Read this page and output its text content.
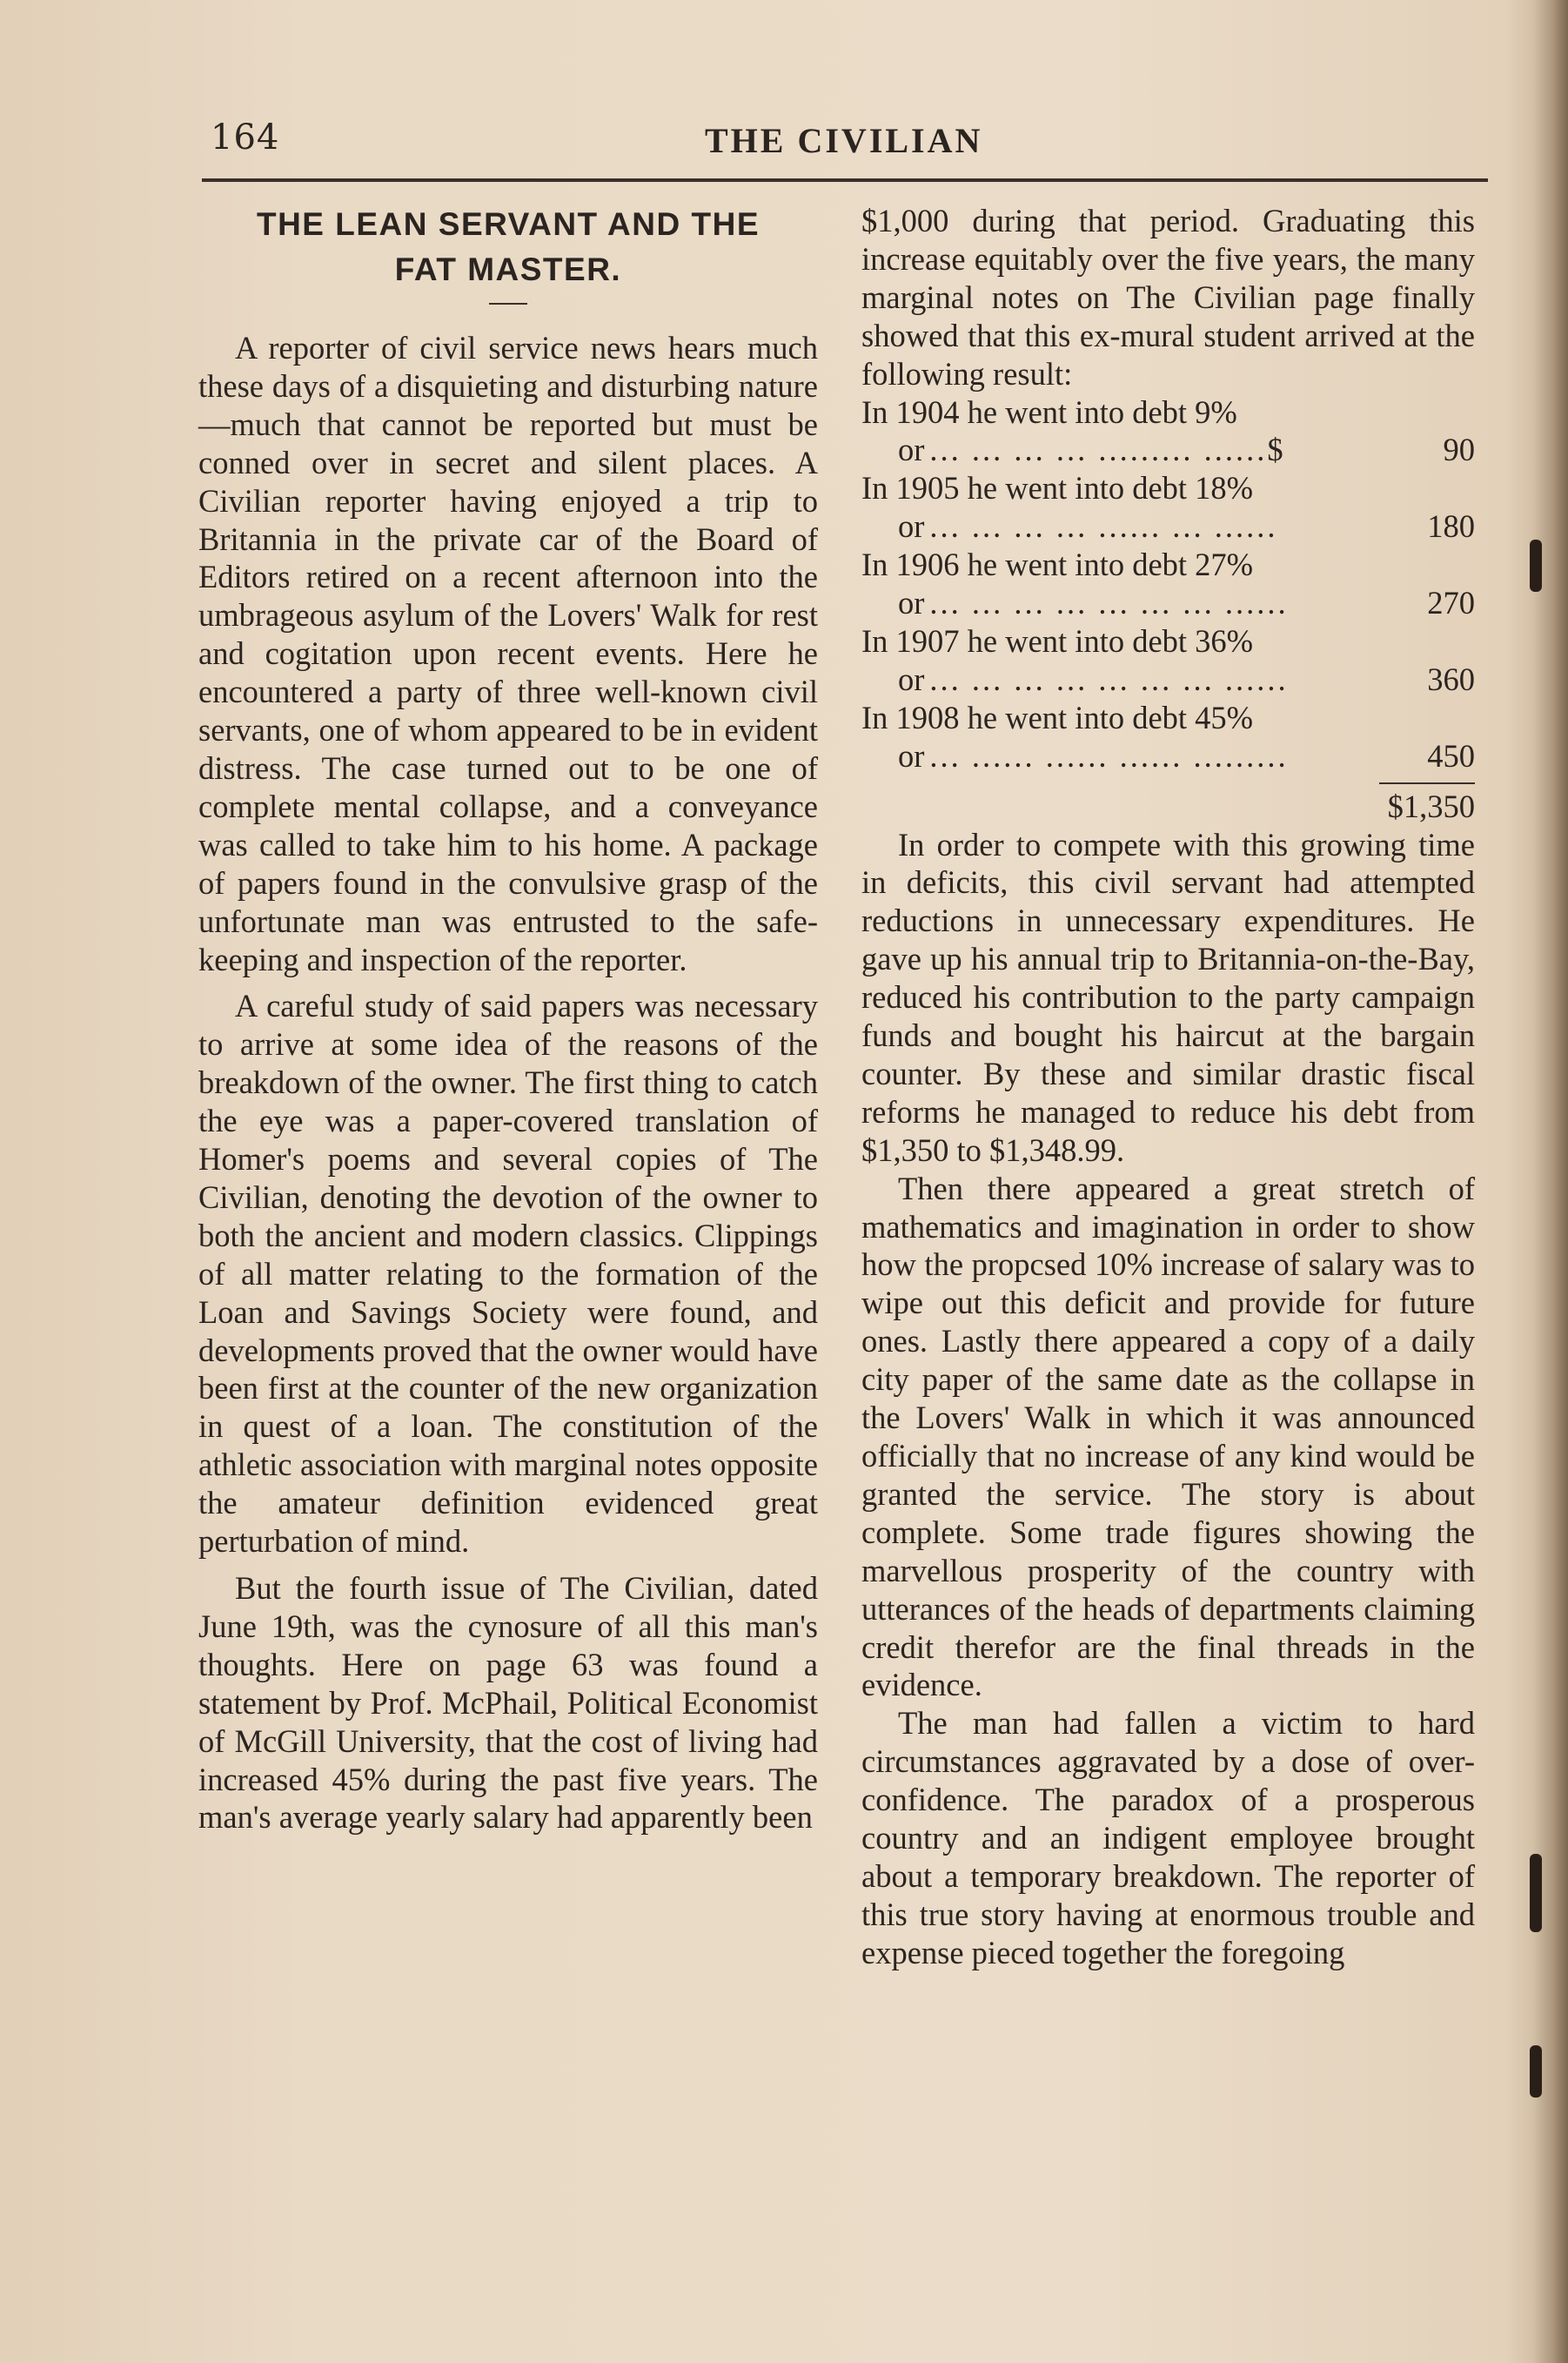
164	THE CIVILIAN
THE LEAN SERVANT AND THE
FAT MASTER.

A reporter of civil service news hears much these days of a disquieting and disturbing nature—much that cannot be reported but must be conned over in secret and silent places. A Civilian reporter having enjoyed a trip to Britannia in the private car of the Board of Editors retired on a recent afternoon into the umbrageous asylum of the Lovers' Walk for rest and cogitation upon recent events. Here he encountered a party of three well-known civil servants, one of whom appeared to be in evident distress. The case turned out to be one of complete mental collapse, and a conveyance was called to take him to his home. A package of papers found in the convulsive grasp of the unfortunate man was entrusted to the safe-keeping and inspection of the reporter.

A careful study of said papers was necessary to arrive at some idea of the reasons of the breakdown of the owner. The first thing to catch the eye was a paper-covered translation of Homer's poems and several copies of The Civilian, denoting the devotion of the owner to both the ancient and modern classics. Clippings of all matter relating to the formation of the Loan and Savings Society were found, and developments proved that the owner would have been first at the counter of the new organization in quest of a loan. The constitution of the athletic association with marginal notes opposite the amateur definition evidenced great perturbation of mind.

But the fourth issue of The Civilian, dated June 19th, was the cynosure of all this man's thoughts. Here on page 63 was found a statement by Prof. McPhail, Political Economist of McGill University, that the cost of living had increased 45% during the past five years. The man's average yearly salary had apparently been

$1,000 during that period. Graduating this increase equitably over the five years, the many marginal notes on The Civilian page finally showed that this ex-mural student arrived at the following result:

In 1904 he went into debt 9%
or ... ... ... ... ......... ......$	90
In 1905 he went into debt 18%
or ... ... ... ... ...... ... ......	180
In 1906 he went into debt 27%
or ... ... ... ... ... ... ... ......	270
In 1907 he went into debt 36%
or ... ... ... ... ... ... ... ......	360
In 1908 he went into debt 45%
or ... ...... ...... ...... .........	450
$1,350

In order to compete with this growing time in deficits, this civil servant had attempted reductions in unnecessary expenditures. He gave up his annual trip to Britannia-on-the-Bay, reduced his contribution to the party campaign funds and bought his haircut at the bargain counter. By these and similar drastic fiscal reforms he managed to reduce his debt from $1,350 to $1,348.99.

Then there appeared a great stretch of mathematics and imagination in order to show how the propcsed 10% increase of salary was to wipe out this deficit and provide for future ones. Lastly there appeared a copy of a daily city paper of the same date as the collapse in the Lovers' Walk in which it was announced officially that no increase of any kind would be granted the service. The story is about complete. Some trade figures showing the marvellous prosperity of the country with utterances of the heads of departments claiming credit therefor are the final threads in the evidence.

The man had fallen a victim to hard circumstances aggravated by a dose of over-confidence. The paradox of a prosperous country and an indigent employee brought about a temporary breakdown. The reporter of this true story having at enormous trouble and expense pieced together the foregoing
